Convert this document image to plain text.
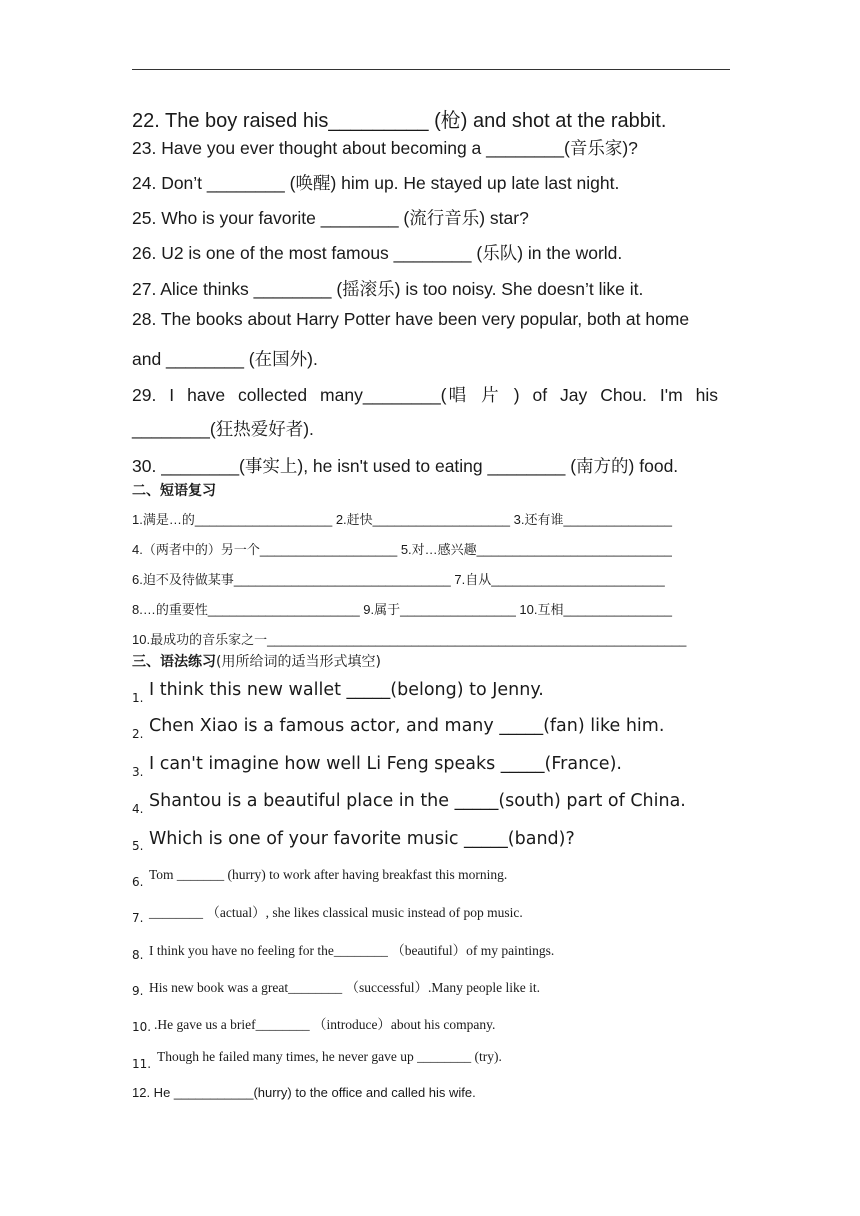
22. The boy raised his_________ (枪) and shot at the rabbit.
23. Have you ever thought about becoming a ________(音乐家)?
24. Don’t ________ (唤醒) him up. He stayed up late last night.
25. Who is your favorite ________ (流行音乐) star?
26. U2 is one of the most famous ________ (乐队) in the world.
27. Alice thinks ________ (摇滚乐) is too noisy. She doesn’t like it.
28. The books about Harry Potter have been very popular, both at home
and ________ (在国外).
29. I have collected many________(唱 片 ) of Jay Chou. I'm his
________(狂热爱好者).
30. ________(事实上), he isn't used to eating ________ (南方的) food.
二、短语复习
1.满是…的___________________ 2.赶快___________________ 3.还有谁_______________
4.（两者中的）另一个___________________ 5.对…感兴趣___________________________
6.迫不及待做某事______________________________ 7.自从________________________
8.…的重要性_____________________ 9.属于________________ 10.互相_______________
10.最成功的音乐家之一__________________________________________________________
三、语法练习(用所给词的适当形式填空)
1. I think this new wallet _____(belong) to Jenny.
2. Chen Xiao is a famous actor, and many _____(fan) like him.
3. I can't imagine how well Li Feng speaks _____(France).
4. Shantou is a beautiful place in the _____(south) part of China.
5. Which is one of your favorite music _____(band)?
6. Tom _______ (hurry) to work after having breakfast this morning.
7. ________ （actual）, she likes classical music instead of pop music.
8. I think you have no feeling for the________ （beautiful）of my paintings.
9. His new book was a great________ （successful）.Many people like it.
10. .He gave us a brief________ （introduce）about his company.
11. Though he failed many times, he never gave up ________ (try).
12. He ___________(hurry) to the office and called his wife.
